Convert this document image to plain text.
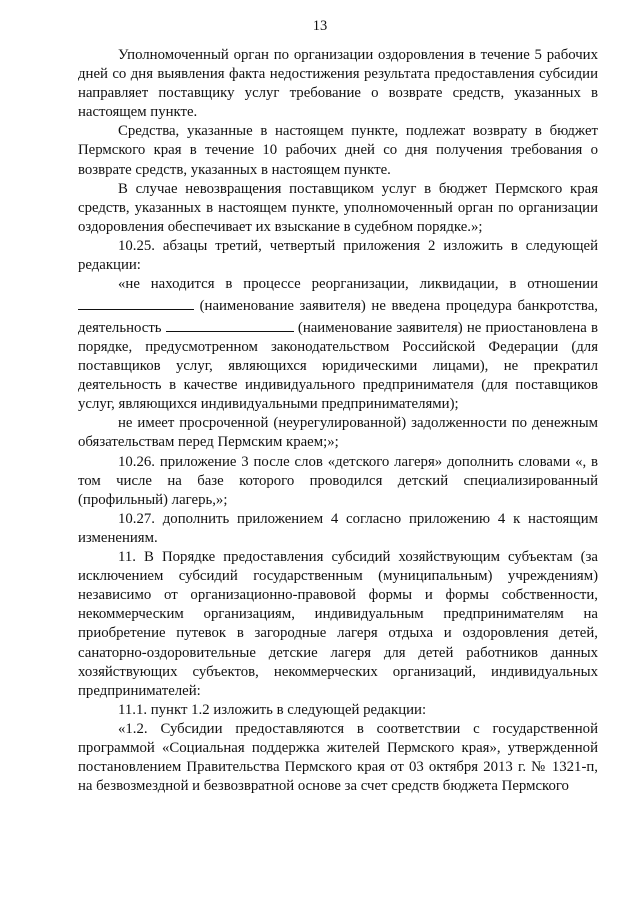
13

Уполномоченный орган по организации оздоровления в течение 5 рабочих дней со дня выявления факта недостижения результата предоставления субсидии направляет поставщику услуг требование о возврате средств, указанных в настоящем пункте.

Средства, указанные в настоящем пункте, подлежат возврату в бюджет Пермского края в течение 10 рабочих дней со дня получения требования о возврате средств, указанных в настоящем пункте.

В случае невозвращения поставщиком услуг в бюджет Пермского края средств, указанных в настоящем пункте, уполномоченный орган по организации оздоровления обеспечивает их взыскание в судебном порядке.»;

10.25. абзацы третий, четвертый приложения 2 изложить в следующей редакции:

«не находится в процессе реорганизации, ликвидации, в отношении  (наименование заявителя) не введена процедура банкротства, деятельность	(наименование заявителя) не приостановлена в порядке, предусмотренном законодательством Российской Федерации (для поставщиков услуг, являющихся юридическими лицами), не прекратил деятельность в качестве индивидуального предпринимателя (для поставщиков услуг, являющихся индивидуальными предпринимателями);

не имеет просроченной (неурегулированной) задолженности по денежным обязательствам перед Пермским краем;»;

10.26. приложение 3 после слов «детского лагеря» дополнить словами «, в том числе на базе которого проводился детский специализированный (профильный) лагерь,»;

10.27. дополнить приложением 4 согласно приложению 4 к настоящим изменениям.

11. В Порядке предоставления субсидий хозяйствующим субъектам (за исключением субсидий государственным (муниципальным) учреждениям) независимо от организационно-правовой формы и формы собственности, некоммерческим организациям, индивидуальным предпринимателям на приобретение путевок в загородные лагеря отдыха и оздоровления детей, санаторно-оздоровительные детские лагеря для детей работников данных хозяйствующих субъектов, некоммерческих организаций, индивидуальных предпринимателей:

11.1. пункт 1.2 изложить в следующей редакции:

«1.2. Субсидии предоставляются в соответствии с государственной программой «Социальная поддержка жителей Пермского края», утвержденной постановлением Правительства Пермского края от 03 октября 2013 г. № 1321-п, на безвозмездной и безвозвратной основе за счет средств бюджета Пермского
